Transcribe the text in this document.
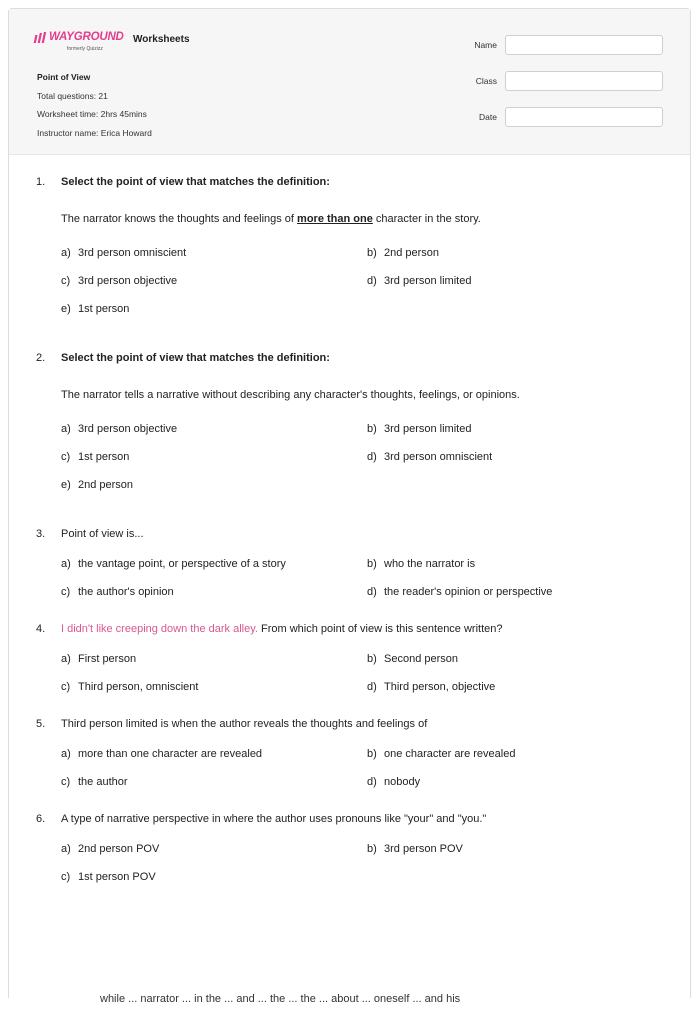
WAYGROUND
formerly Quizizz
Worksheets
Point of View
Total questions: 21
Worksheet time: 2hrs 45mins
Instructor name: Erica Howard
Name
Class
Date
1.	Select the point of view that matches the definition:
The narrator knows the thoughts and feelings of more than one character in the story.
a) 3rd person omniscient	b) 2nd person
c) 3rd person objective	d) 3rd person limited
e) 1st person
2.	Select the point of view that matches the definition:
The narrator tells a narrative without describing any character's thoughts, feelings, or opinions.
a) 3rd person objective	b) 3rd person limited
c) 1st person	d) 3rd person omniscient
e) 2nd person
3.	Point of view is...
a) the vantage point, or perspective of a story	b) who the narrator is
c) the author's opinion	d) the reader's opinion or perspective
4.	I didn't like creeping down the dark alley. From which point of view is this sentence written?
a) First person	b) Second person
c) Third person, omniscient	d) Third person, objective
5.	Third person limited is when the author reveals the thoughts and feelings of
a) more than one character are revealed	b) one character are revealed
c) the author	d) nobody
6.	A type of narrative perspective in where the author uses pronouns like "your" and "you."
a) 2nd person POV	b) 3rd person POV
c) 1st person POV
while ... narrator ... in the ... and ... the ... the ... about ... oneself ... and his
